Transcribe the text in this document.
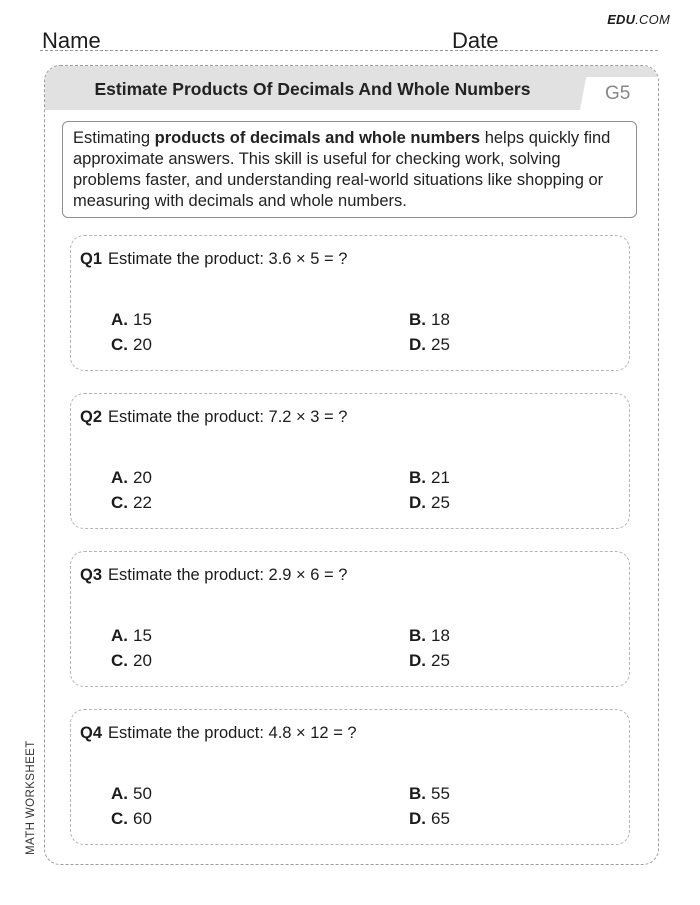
EDU.COM
Name	Date
Estimate Products Of Decimals And Whole Numbers	G5
Estimating products of decimals and whole numbers helps quickly find approximate answers. This skill is useful for checking work, solving problems faster, and understanding real-world situations like shopping or measuring with decimals and whole numbers.
Q1 Estimate the product: 3.6 × 5 = ?
A. 15	B. 18
C. 20	D. 25
Q2 Estimate the product: 7.2 × 3 = ?
A. 20	B. 21
C. 22	D. 25
Q3 Estimate the product: 2.9 × 6 = ?
A. 15	B. 18
C. 20	D. 25
Q4 Estimate the product: 4.8 × 12 = ?
A. 50	B. 55
C. 60	D. 65
MATH WORKSHEET
